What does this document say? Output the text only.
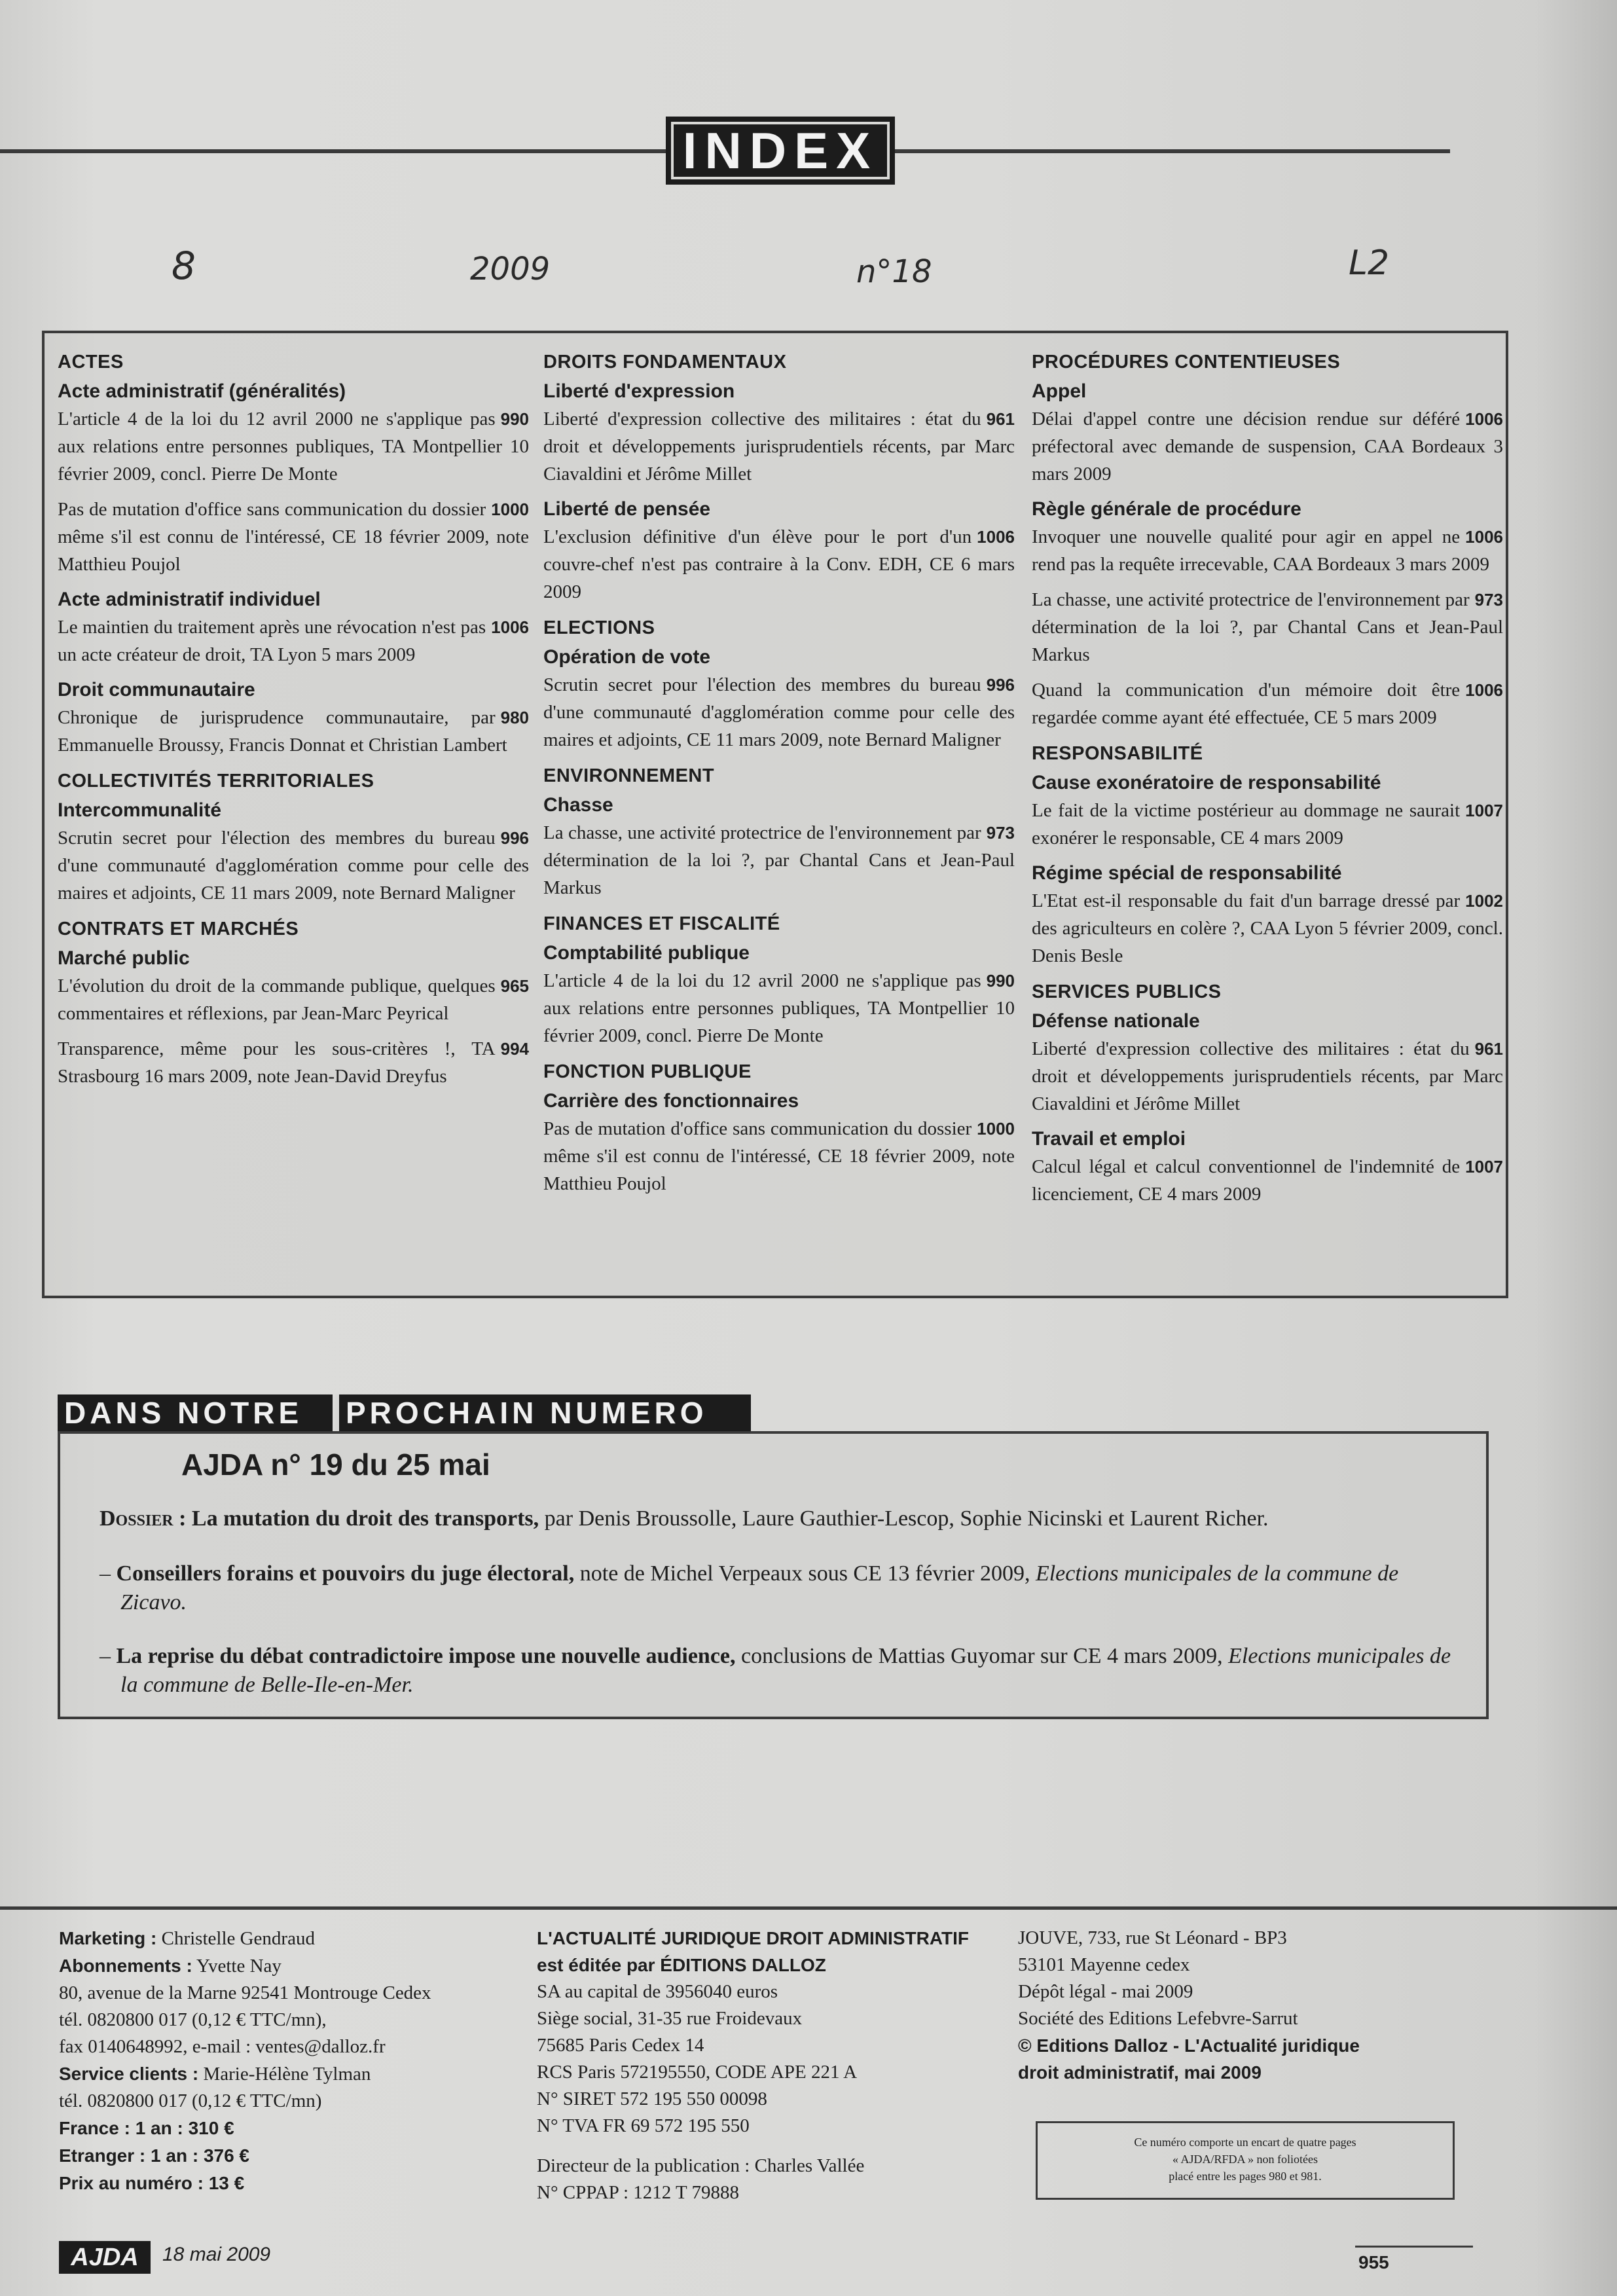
INDEX
8	2009	n°18	L2
ACTES
Acte administratif (généralités)
990
L'article 4 de la loi du 12 avril 2000 ne s'applique pas aux relations entre personnes publiques, TA Montpellier 10 février 2009, concl. Pierre De Monte
1000
Pas de mutation d'office sans communication du dossier même s'il est connu de l'intéressé, CE 18 février 2009, note Matthieu Poujol
Acte administratif individuel
1006
Le maintien du traitement après une révocation n'est pas un acte créateur de droit, TA Lyon 5 mars 2009
Droit communautaire
980
Chronique de jurisprudence communautaire, par Emmanuelle Broussy, Francis Donnat et Christian Lambert
COLLECTIVITÉS TERRITORIALES
Intercommunalité
996
Scrutin secret pour l'élection des membres du bureau d'une communauté d'agglomération comme pour celle des maires et adjoints, CE 11 mars 2009, note Bernard Maligner
CONTRATS ET MARCHÉS
Marché public
965
L'évolution du droit de la commande publique, quelques commentaires et réflexions, par Jean-Marc Peyrical
994
Transparence, même pour les sous-critères !, TA Strasbourg 16 mars 2009, note Jean-David Dreyfus
DROITS FONDAMENTAUX
Liberté d'expression
961
Liberté d'expression collective des militaires : état du droit et développements jurisprudentiels récents, par Marc Ciavaldini et Jérôme Millet
Liberté de pensée
1006
L'exclusion définitive d'un élève pour le port d'un couvre-chef n'est pas contraire à la Conv. EDH, CE 6 mars 2009
ELECTIONS
Opération de vote
996
Scrutin secret pour l'élection des membres du bureau d'une communauté d'agglomération comme pour celle des maires et adjoints, CE 11 mars 2009, note Bernard Maligner
ENVIRONNEMENT
Chasse
973
La chasse, une activité protectrice de l'environnement par détermination de la loi ?, par Chantal Cans et Jean-Paul Markus
FINANCES ET FISCALITÉ
Comptabilité publique
990
L'article 4 de la loi du 12 avril 2000 ne s'applique pas aux relations entre personnes publiques, TA Montpellier 10 février 2009, concl. Pierre De Monte
FONCTION PUBLIQUE
Carrière des fonctionnaires
1000
Pas de mutation d'office sans communication du dossier même s'il est connu de l'intéressé, CE 18 février 2009, note Matthieu Poujol
PROCÉDURES CONTENTIEUSES
Appel
1006
Délai d'appel contre une décision rendue sur déféré préfectoral avec demande de suspension, CAA Bordeaux 3 mars 2009
Règle générale de procédure
1006
Invoquer une nouvelle qualité pour agir en appel ne rend pas la requête irrecevable, CAA Bordeaux 3 mars 2009
973
La chasse, une activité protectrice de l'environnement par détermination de la loi ?, par Chantal Cans et Jean-Paul Markus
1006
Quand la communication d'un mémoire doit être regardée comme ayant été effectuée, CE 5 mars 2009
RESPONSABILITÉ
Cause exonératoire de responsabilité
1007
Le fait de la victime postérieur au dommage ne saurait exonérer le responsable, CE 4 mars 2009
Régime spécial de responsabilité
1002
L'Etat est-il responsable du fait d'un barrage dressé par des agriculteurs en colère ?, CAA Lyon 5 février 2009, concl. Denis Besle
SERVICES PUBLICS
Défense nationale
961
Liberté d'expression collective des militaires : état du droit et développements jurisprudentiels récents, par Marc Ciavaldini et Jérôme Millet
Travail et emploi
1007
Calcul légal et calcul conventionnel de l'indemnité de licenciement, CE 4 mars 2009
DANS NOTRE	PROCHAIN NUMERO
AJDA n° 19 du 25 mai
Dossier : La mutation du droit des transports, par Denis Broussolle, Laure Gauthier-Lescop, Sophie Nicinski et Laurent Richer.
– Conseillers forains et pouvoirs du juge électoral, note de Michel Verpeaux sous CE 13 février 2009, Elections municipales de la commune de Zicavo.
– La reprise du débat contradictoire impose une nouvelle audience, conclusions de Mattias Guyomar sur CE 4 mars 2009, Elections municipales de la commune de Belle-Ile-en-Mer.
Marketing : Christelle Gendraud
Abonnements : Yvette Nay
80, avenue de la Marne 92541 Montrouge Cedex
tél. 0820800 017 (0,12 € TTC/mn),
fax 0140648992, e-mail : ventes@dalloz.fr
Service clients : Marie-Hélène Tylman
tél. 0820800 017 (0,12 € TTC/mn)
France : 1 an : 310 €
Etranger : 1 an : 376 €
Prix au numéro : 13 €
L'ACTUALITÉ JURIDIQUE DROIT ADMINISTRATIF
est éditée par ÉDITIONS DALLOZ
SA au capital de 3956040 euros
Siège social, 31-35 rue Froidevaux
75685 Paris Cedex 14
RCS Paris 572195550, CODE APE 221 A
N° SIRET 572 195 550 00098
N° TVA FR 69 572 195 550
Directeur de la publication : Charles Vallée
N° CPPAP : 1212 T 79888
JOUVE, 733, rue St Léonard - BP3
53101 Mayenne cedex
Dépôt légal - mai 2009
Société des Editions Lefebvre-Sarrut
© Editions Dalloz - L'Actualité juridique
droit administratif, mai 2009
Ce numéro comporte un encart de quatre pages
« AJDA/RFDA » non foliotées
placé entre les pages 980 et 981.
AJDA	18 mai 2009	955
